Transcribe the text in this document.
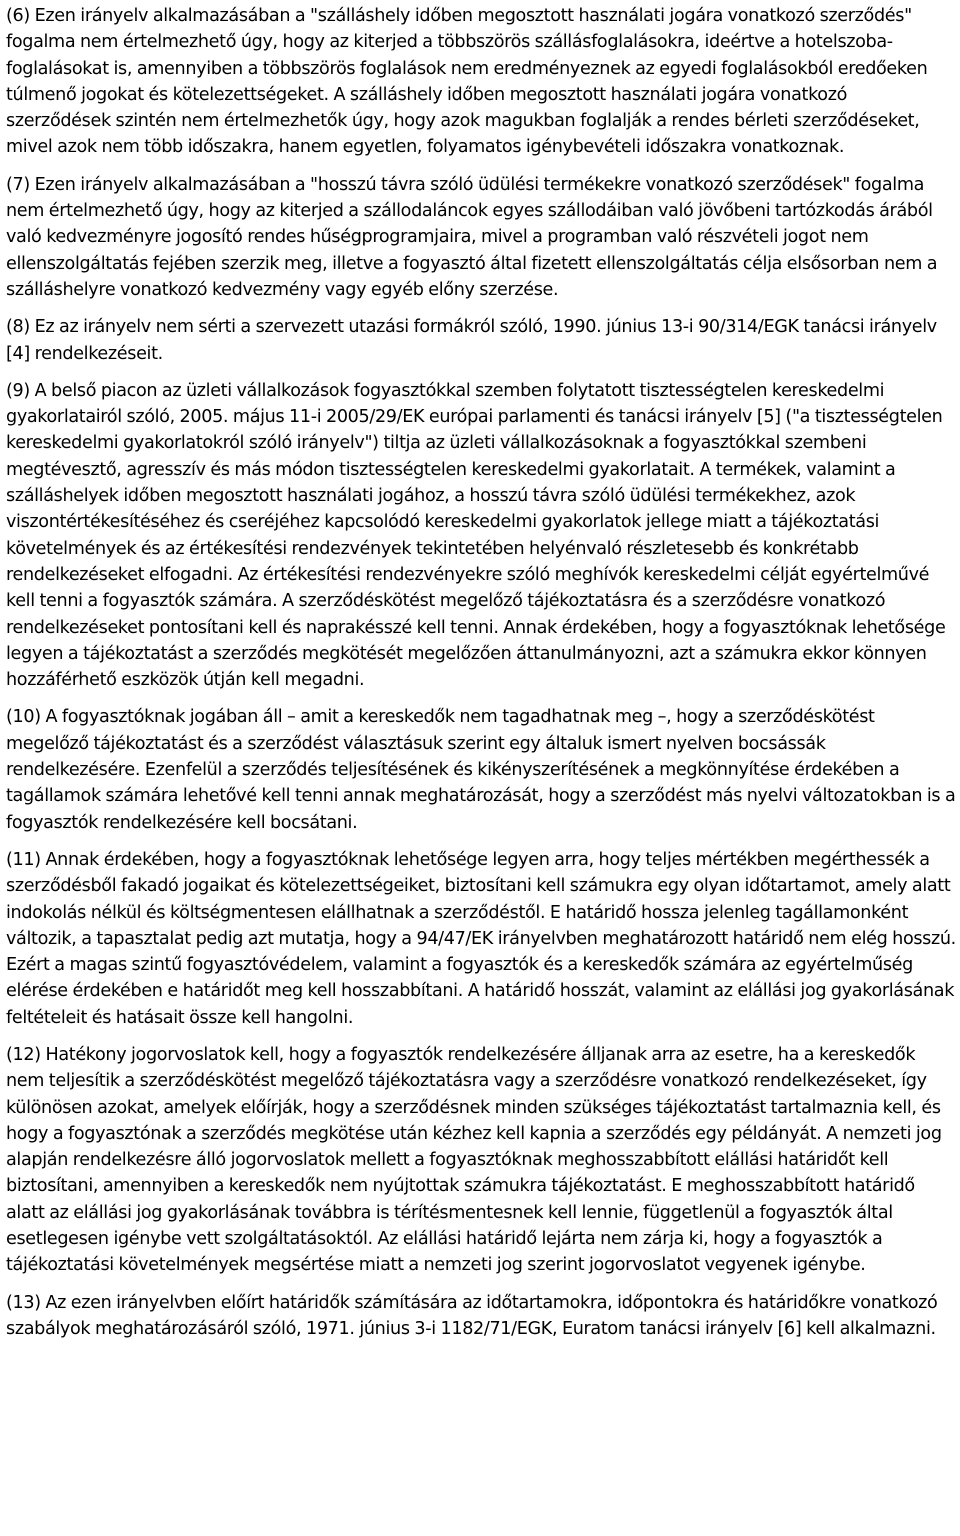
(6) Ezen irányelv alkalmazásában a "szálláshely időben megosztott használati jogára vonatkozó szerződés" fogalma nem értelmezhető úgy, hogy az kiterjed a többszörös szállásfoglalásokra, ideértve a hotelszoba-foglalásokat is, amennyiben a többszörös foglalások nem eredményeznek az egyedi foglalásokból eredőeken túlmenő jogokat és kötelezettségeket. A szálláshely időben megosztott használati jogára vonatkozó szerződések szintén nem értelmezhetők úgy, hogy azok magukban foglalják a rendes bérleti szerződéseket, mivel azok nem több időszakra, hanem egyetlen, folyamatos igénybevételi időszakra vonatkoznak.

(7) Ezen irányelv alkalmazásában a "hosszú távra szóló üdülési termékekre vonatkozó szerződések" fogalma nem értelmezhető úgy, hogy az kiterjed a szállodaláncok egyes szállodáiban való jövőbeni tartózkodás árából való kedvezményre jogosító rendes hűségprogramjaira, mivel a programban való részvételi jogot nem ellenszolgáltatás fejében szerzik meg, illetve a fogyasztó által fizetett ellenszolgáltatás célja elsősorban nem a szálláshelyre vonatkozó kedvezmény vagy egyéb előny szerzése.

(8) Ez az irányelv nem sérti a szervezett utazási formákról szóló, 1990. június 13-i 90/314/EGK tanácsi irányelv [4] rendelkezéseit.

(9) A belső piacon az üzleti vállalkozások fogyasztókkal szemben folytatott tisztességtelen kereskedelmi gyakorlatairól szóló, 2005. május 11-i 2005/29/EK európai parlamenti és tanácsi irányelv [5] ("a tisztességtelen kereskedelmi gyakorlatokról szóló irányelv") tiltja az üzleti vállalkozásoknak a fogyasztókkal szembeni megtévesztő, agresszív és más módon tisztességtelen kereskedelmi gyakorlatait. A termékek, valamint a szálláshelyek időben megosztott használati jogához, a hosszú távra szóló üdülési termékekhez, azok viszontértékesítéséhez és cseréjéhez kapcsolódó kereskedelmi gyakorlatok jellege miatt a tájékoztatási követelmények és az értékesítési rendezvények tekintetében helyénvaló részletesebb és konkrétabb rendelkezéseket elfogadni. Az értékesítési rendezvényekre szóló meghívók kereskedelmi célját egyértelművé kell tenni a fogyasztók számára. A szerződéskötést megelőző tájékoztatásra és a szerződésre vonatkozó rendelkezéseket pontosítani kell és naprakésszé kell tenni. Annak érdekében, hogy a fogyasztóknak lehetősége legyen a tájékoztatást a szerződés megkötését megelőzően áttanulmányozni, azt a számukra ekkor könnyen hozzáférhető eszközök útján kell megadni.

(10) A fogyasztóknak jogában áll – amit a kereskedők nem tagadhatnak meg –, hogy a szerződéskötést megelőző tájékoztatást és a szerződést választásuk szerint egy általuk ismert nyelven bocsássák rendelkezésére. Ezenfelül a szerződés teljesítésének és kikényszerítésének a megkönnyítése érdekében a tagállamok számára lehetővé kell tenni annak meghatározását, hogy a szerződést más nyelvi változatokban is a fogyasztók rendelkezésére kell bocsátani.

(11) Annak érdekében, hogy a fogyasztóknak lehetősége legyen arra, hogy teljes mértékben megérthessék a szerződésből fakadó jogaikat és kötelezettségeiket, biztosítani kell számukra egy olyan időtartamot, amely alatt indokolás nélkül és költségmentesen elállhatnak a szerződéstől. E határidő hossza jelenleg tagállamonként változik, a tapasztalat pedig azt mutatja, hogy a 94/47/EK irányelvben meghatározott határidő nem elég hosszú. Ezért a magas szintű fogyasztóvédelem, valamint a fogyasztók és a kereskedők számára az egyértelműség elérése érdekében e határidőt meg kell hosszabbítani. A határidő hosszát, valamint az elállási jog gyakorlásának feltételeit és hatásait össze kell hangolni.

(12) Hatékony jogorvoslatok kell, hogy a fogyasztók rendelkezésére álljanak arra az esetre, ha a kereskedők nem teljesítik a szerződéskötést megelőző tájékoztatásra vagy a szerződésre vonatkozó rendelkezéseket, így különösen azokat, amelyek előírják, hogy a szerződésnek minden szükséges tájékoztatást tartalmaznia kell, és hogy a fogyasztónak a szerződés megkötése után kézhez kell kapnia a szerződés egy példányát. A nemzeti jog alapján rendelkezésre álló jogorvoslatok mellett a fogyasztóknak meghosszabbított elállási határidőt kell biztosítani, amennyiben a kereskedők nem nyújtottak számukra tájékoztatást. E meghosszabbított határidő alatt az elállási jog gyakorlásának továbbra is térítésmentesnek kell lennie, függetlenül a fogyasztók által esetlegesen igénybe vett szolgáltatásoktól. Az elállási határidő lejárta nem zárja ki, hogy a fogyasztók a tájékoztatási követelmények megsértése miatt a nemzeti jog szerint jogorvoslatot vegyenek igénybe.

(13) Az ezen irányelvben előírt határidők számítására az időtartamokra, időpontokra és határidőkre vonatkozó szabályok meghatározásáról szóló, 1971. június 3-i 1182/71/EGK, Euratom tanácsi irányelv [6] kell alkalmazni.
